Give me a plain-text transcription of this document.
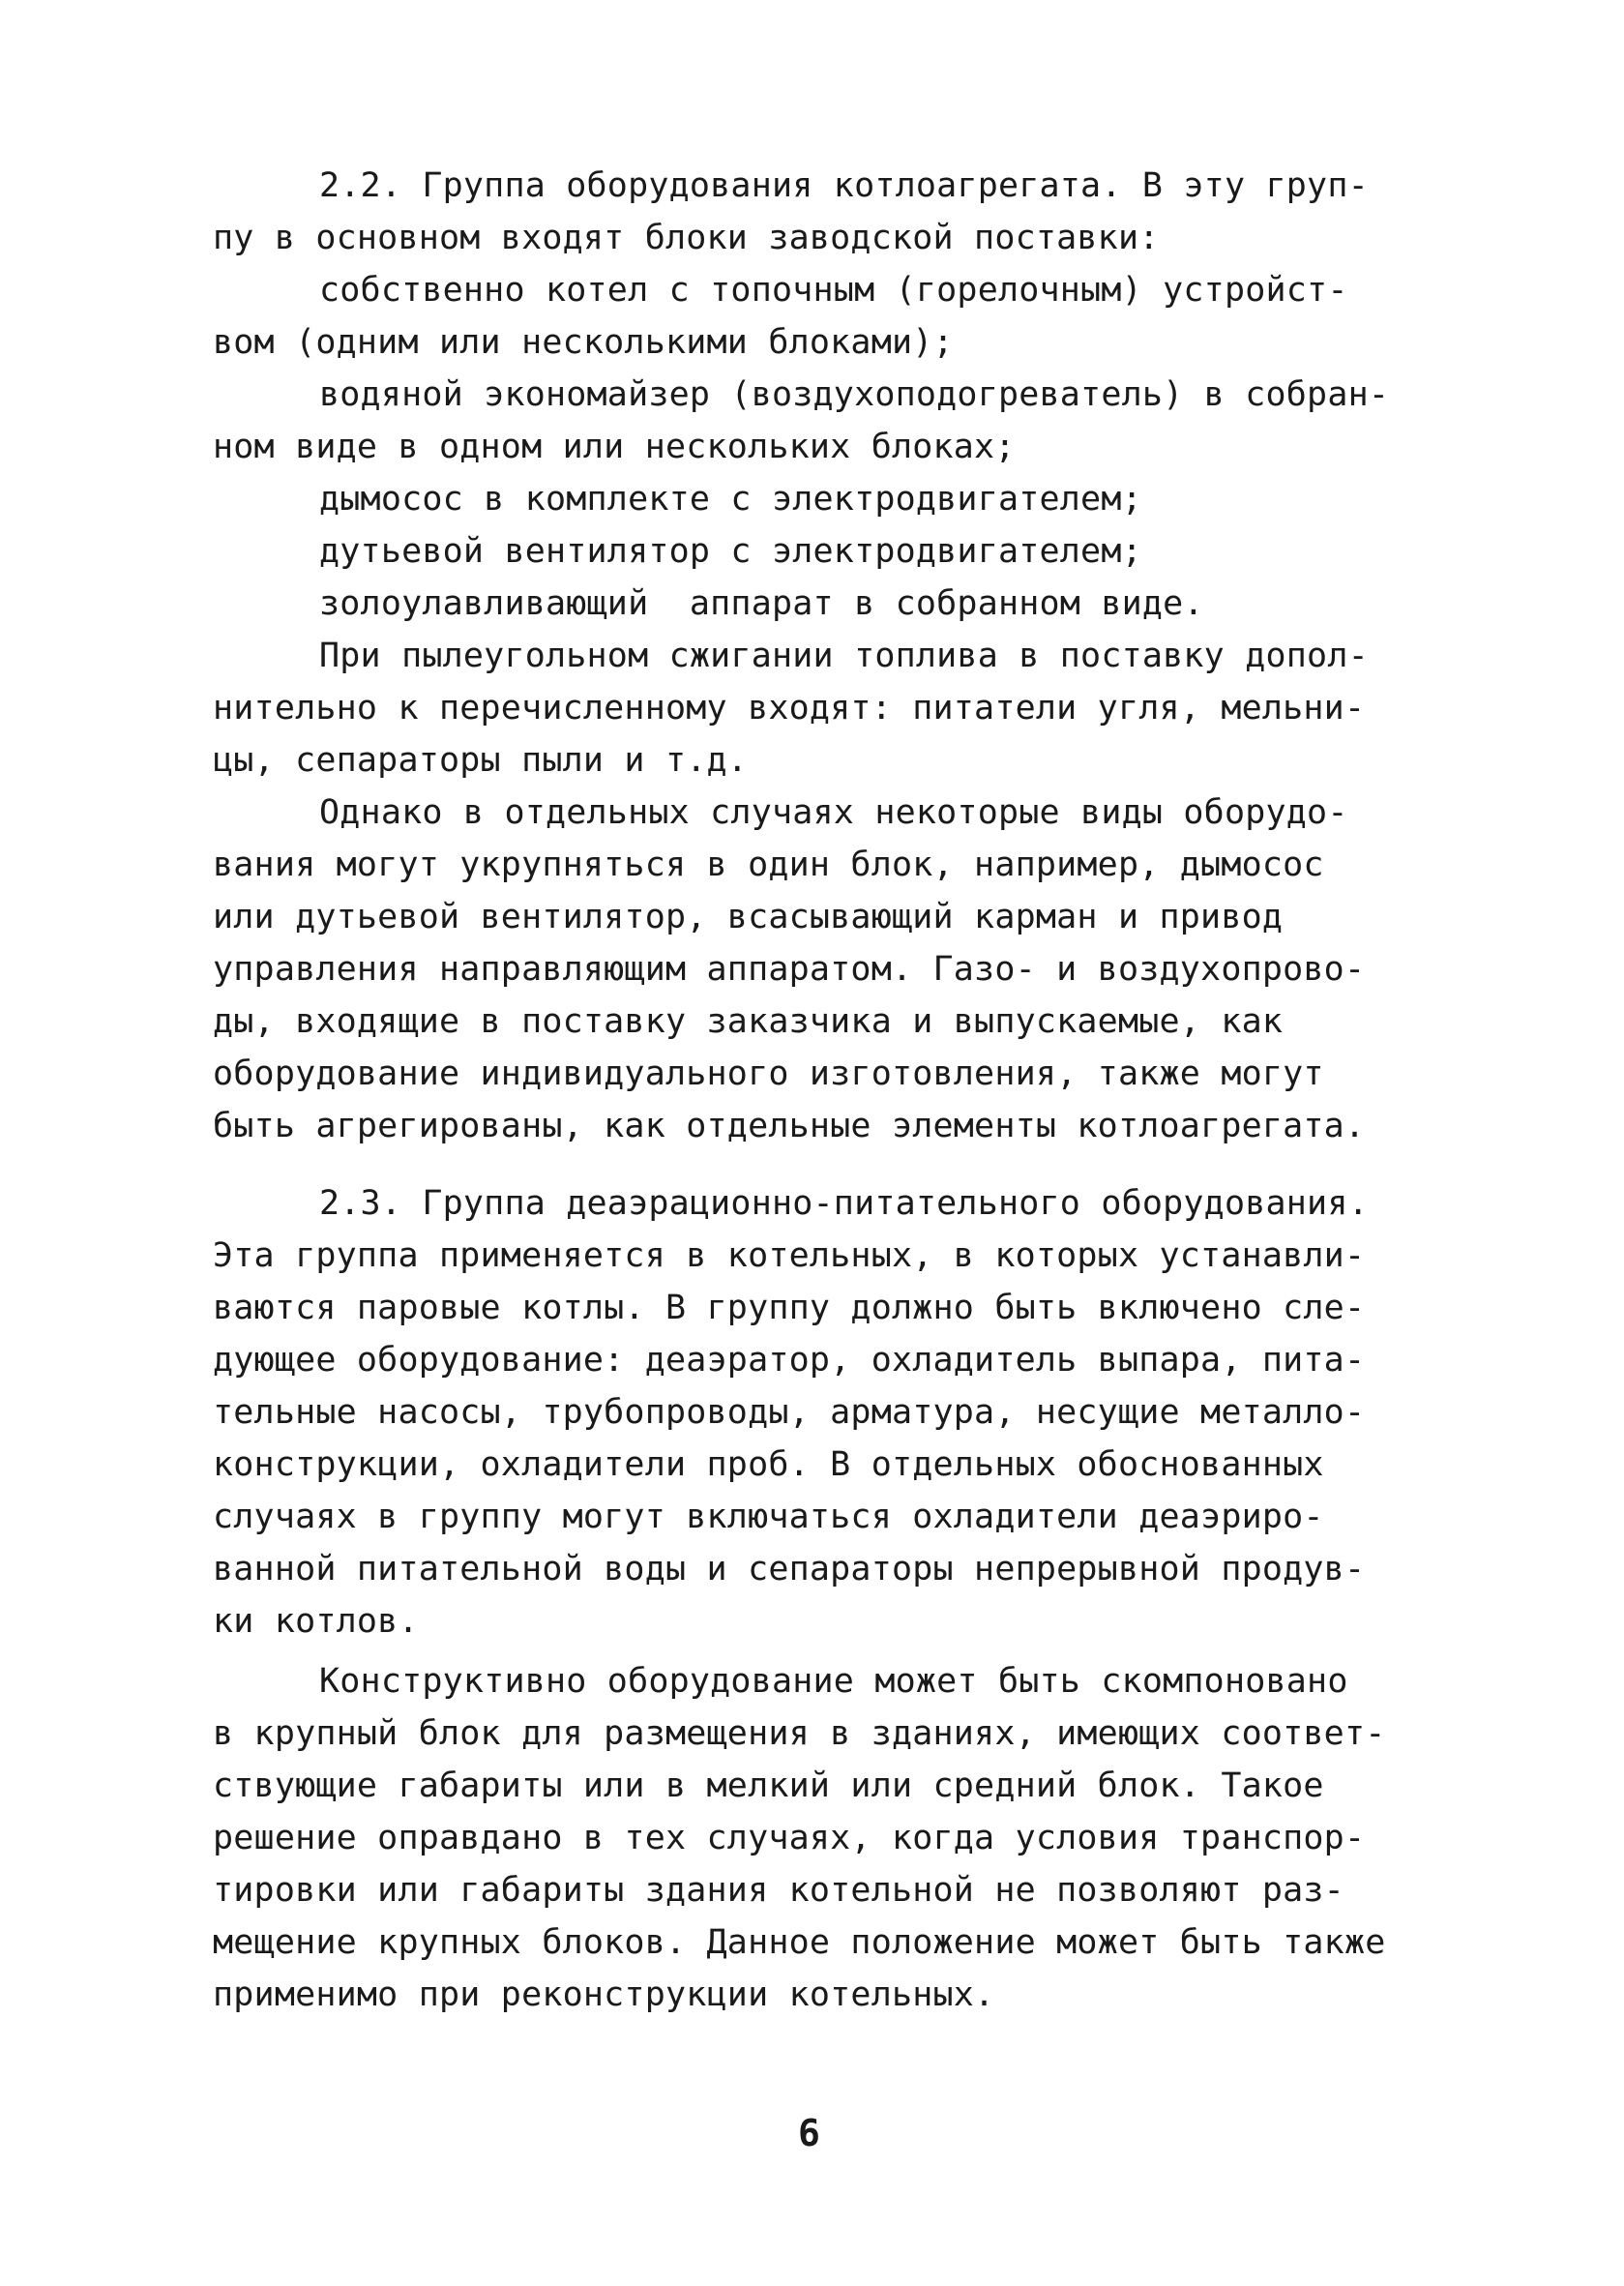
2.2. Группа оборудования котлоагрегата. В эту груп-
пу в основном входят блоки заводской поставки:
собственно котел с топочным (горелочным) устройст-
вом (одним или несколькими блоками);
водяной экономайзер (воздухоподогреватель) в собран-
ном виде в одном или нескольких блоках;
дымосос в комплекте с электродвигателем;
дутьевой вентилятор с электродвигателем;
золоулавливающий  аппарат в собранном виде.
При пылеугольном сжигании топлива в поставку допол-
нительно к перечисленному входят: питатели угля, мельни-
цы, сепараторы пыли и т.д.
Однако в отдельных случаях некоторые виды оборудо-
вания могут укрупняться в один блок, например, дымосос
или дутьевой вентилятор, всасывающий карман и привод
управления направляющим аппаратом. Газо- и воздухопрово-
ды, входящие в поставку заказчика и выпускаемые, как
оборудование индивидуального изготовления, также могут
быть агрегированы, как отдельные элементы котлоагрегата.
2.3. Группа деаэрационно-питательного оборудования.
Эта группа применяется в котельных, в которых устанавли-
ваются паровые котлы. В группу должно быть включено сле-
дующее оборудование: деаэратор, охладитель выпара, пита-
тельные насосы, трубопроводы, арматура, несущие металло-
конструкции, охладители проб. В отдельных обоснованных
случаях в группу могут включаться охладители деаэриро-
ванной питательной воды и сепараторы непрерывной продув-
ки котлов.
Конструктивно оборудование может быть скомпоновано
в крупный блок для размещения в зданиях, имеющих соответ-
ствующие габариты или в мелкий или средний блок. Такое
решение оправдано в тех случаях, когда условия транспор-
тировки или габариты здания котельной не позволяют раз-
мещение крупных блоков. Данное положение может быть также
применимо при реконструкции котельных.
6
